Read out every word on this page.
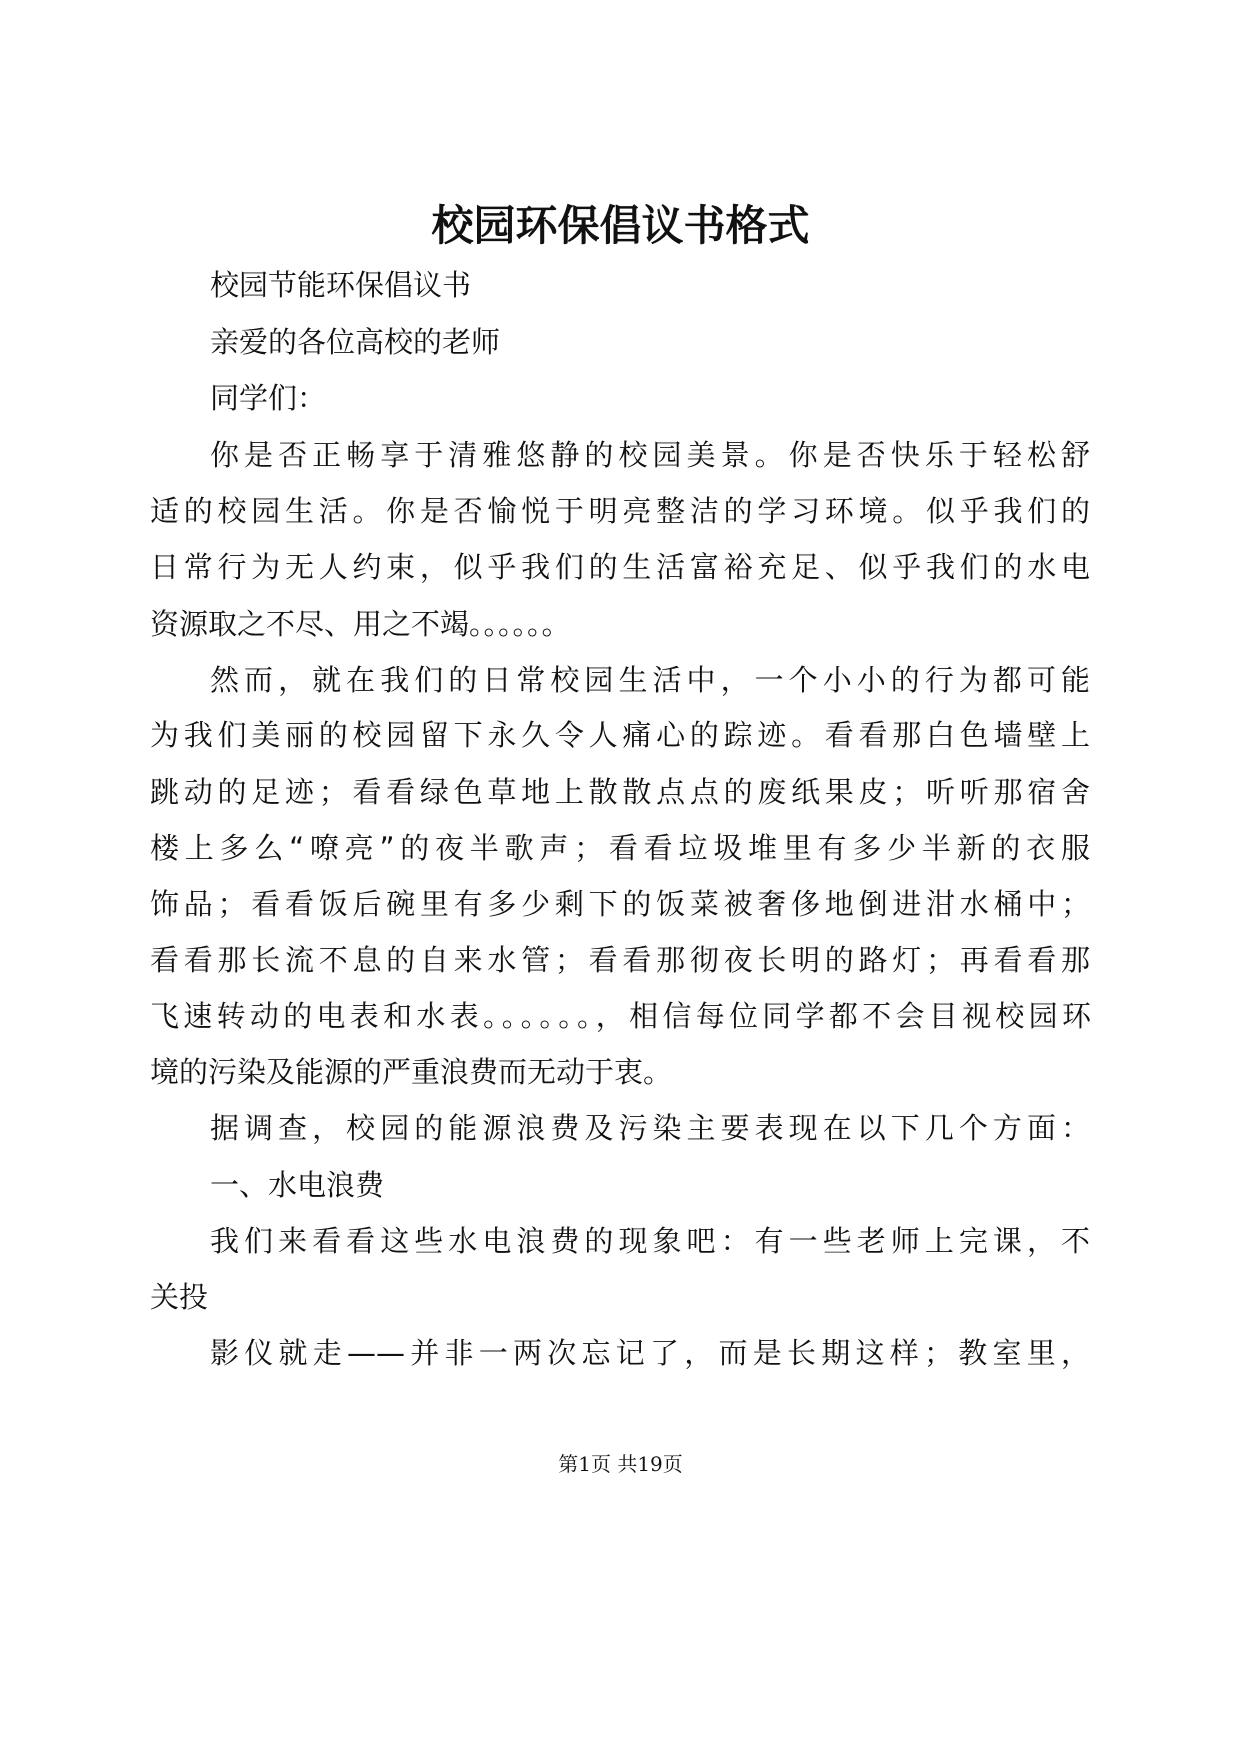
校园环保倡议书格式
校园节能环保倡议书
亲爱的各位高校的老师
同学们：
你是否正畅享于清雅悠静的校园美景。你是否快乐于轻松舒
适的校园生活。你是否愉悦于明亮整洁的学习环境。似乎我们的
日常行为无人约束，似乎我们的生活富裕充足、似乎我们的水电
资源取之不尽、用之不竭。。。。。。
然而，就在我们的日常校园生活中，一个小小的行为都可能
为我们美丽的校园留下永久令人痛心的踪迹。看看那白色墙壁上
跳动的足迹；看看绿色草地上散散点点的废纸果皮；听听那宿舍
楼上多么“嘹亮”的夜半歌声；看看垃圾堆里有多少半新的衣服
饰品；看看饭后碗里有多少剩下的饭菜被奢侈地倒进泔水桶中；
看看那长流不息的自来水管；看看那彻夜长明的路灯；再看看那
飞速转动的电表和水表。。。。。。，相信每位同学都不会目视校园环
境的污染及能源的严重浪费而无动于衷。
据调查，校园的能源浪费及污染主要表现在以下几个方面：
一、水电浪费
我们来看看这些水电浪费的现象吧：有一些老师上完课，不
关投
影仪就走——并非一两次忘记了，而是长期这样；教室里，
第1页 共19页
